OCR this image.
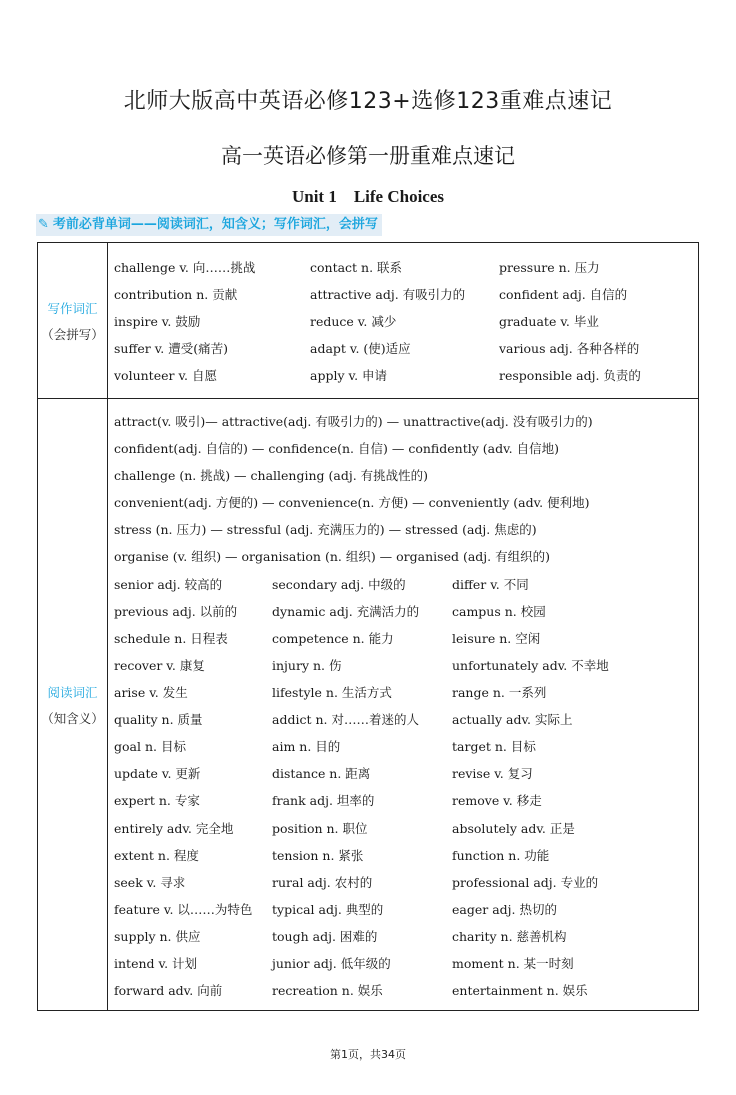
北师大版高中英语必修123+选修123重难点速记
高一英语必修第一册重难点速记
Unit 1　Life Choices
✎ 考前必背单词——阅读词汇，知含义；写作词汇，会拼写
写作词汇
（会拼写）
challenge v. 向……挑战	contact n. 联系	pressure n. 压力
contribution n. 贡献	attractive adj. 有吸引力的	confident adj. 自信的
inspire v. 鼓励	reduce v. 减少	graduate v. 毕业
suffer v. 遭受(痛苦)	adapt v. (使)适应	various adj. 各种各样的
volunteer v. 自愿	apply v. 申请	responsible adj. 负责的
阅读词汇
（知含义）
attract(v. 吸引)— attractive(adj. 有吸引力的) — unattractive(adj. 没有吸引力的)
confident(adj. 自信的) — confidence(n. 自信) — confidently (adv. 自信地)
challenge (n. 挑战) — challenging (adj. 有挑战性的)
convenient(adj. 方便的) — convenience(n. 方便) — conveniently (adv. 便利地)
stress (n. 压力) — stressful (adj. 充满压力的) — stressed (adj. 焦虑的)
organise (v. 组织) — organisation (n. 组织) — organised (adj. 有组织的)
senior adj. 较高的	secondary adj. 中级的	differ v. 不同
previous adj. 以前的	dynamic adj. 充满活力的	campus n. 校园
schedule n. 日程表	competence n. 能力	leisure n. 空闲
recover v. 康复	injury n. 伤	unfortunately adv. 不幸地
arise v. 发生	lifestyle n. 生活方式	range n. 一系列
quality n. 质量	addict n. 对……着迷的人	actually adv. 实际上
goal n. 目标	aim n. 目的	target n. 目标
update v. 更新	distance n. 距离	revise v. 复习
expert n. 专家	frank adj. 坦率的	remove v. 移走
entirely adv. 完全地	position n. 职位	absolutely adv. 正是
extent n. 程度	tension n. 紧张	function n. 功能
seek v. 寻求	rural adj. 农村的	professional adj. 专业的
feature v. 以……为特色 typical adj. 典型的	eager adj. 热切的
supply n. 供应	tough adj. 困难的	charity n. 慈善机构
intend v. 计划	junior adj. 低年级的	moment n. 某一时刻
forward adv. 向前	recreation n. 娱乐	entertainment n. 娱乐
第1页，共34页
